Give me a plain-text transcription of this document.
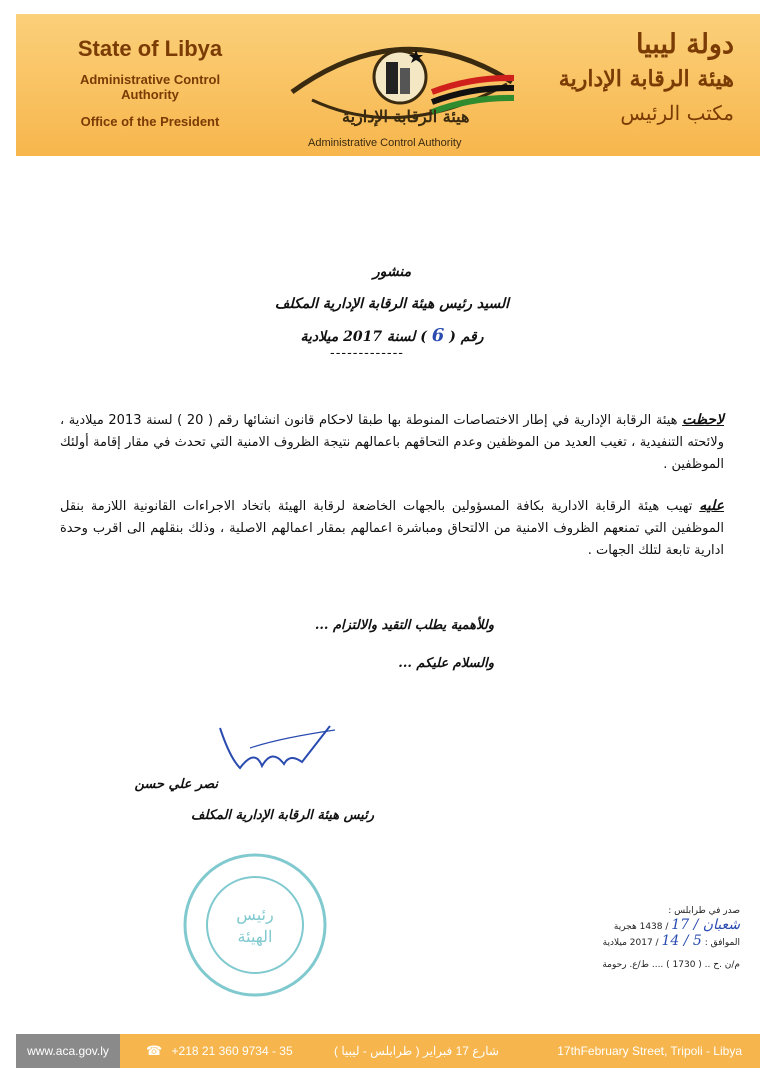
State of Libya
Administrative Control Authority
Office of the President	هيئة الرقابة الإدارية
Administrative Control Authority
دولة ليبيا
هيئة الرقابة الإدارية
مكتب الرئيس
منشور
السيد رئيس هيئة الرقابة الإدارية المكلف
رقم ( 6 ) لسنة 2017 ميلادية
-------------
لاحظت هيئة الرقابة الإدارية في إطار الاختصاصات المنوطة بها طبقا لاحكام قانون انشائها رقم ( 20 ) لسنة 2013 ميلادية ، ولائحته التنفيدية ، تغيب العديد من الموظفين وعدم التحاقهم باعمالهم نتيجة الظروف الامنية التي تحدث في مقار إقامة أولئك الموظفين .
عليه تهيب هيئة الرقابة الادارية بكافة المسؤولين بالجهات الخاضعة لرقابة الهيئة باتخاد الاجراءات القانونية اللازمة بنقل الموظفين التي تمنعهم الظروف الامنية من الالتحاق ومباشرة اعمالهم بمقار اعمالهم الاصلية ، وذلك بنقلهم الى اقرب وحدة ادارية تابعة لتلك الجهات .
وللأهمية يطلب التقيد والالتزام ...
والسلام عليكم ...
نصر علي حسن
رئيس هيئة الرقابة الإدارية المكلف
رئيس
الهيئة
صدر في طرابلس :
شعبان / 17 / 1438 هجرية
الموافق : 5 / 14 / 2017 ميلادية
م/ن .ح .. ( 1730 ) .... ط/ع. رحومة
www.aca.gov.ly	☎ +218 21 360 9734 - 35	شارع 17 فبراير ( طرابلس - ليبيا )	17thFebruary Street, Tripoli - Libya
